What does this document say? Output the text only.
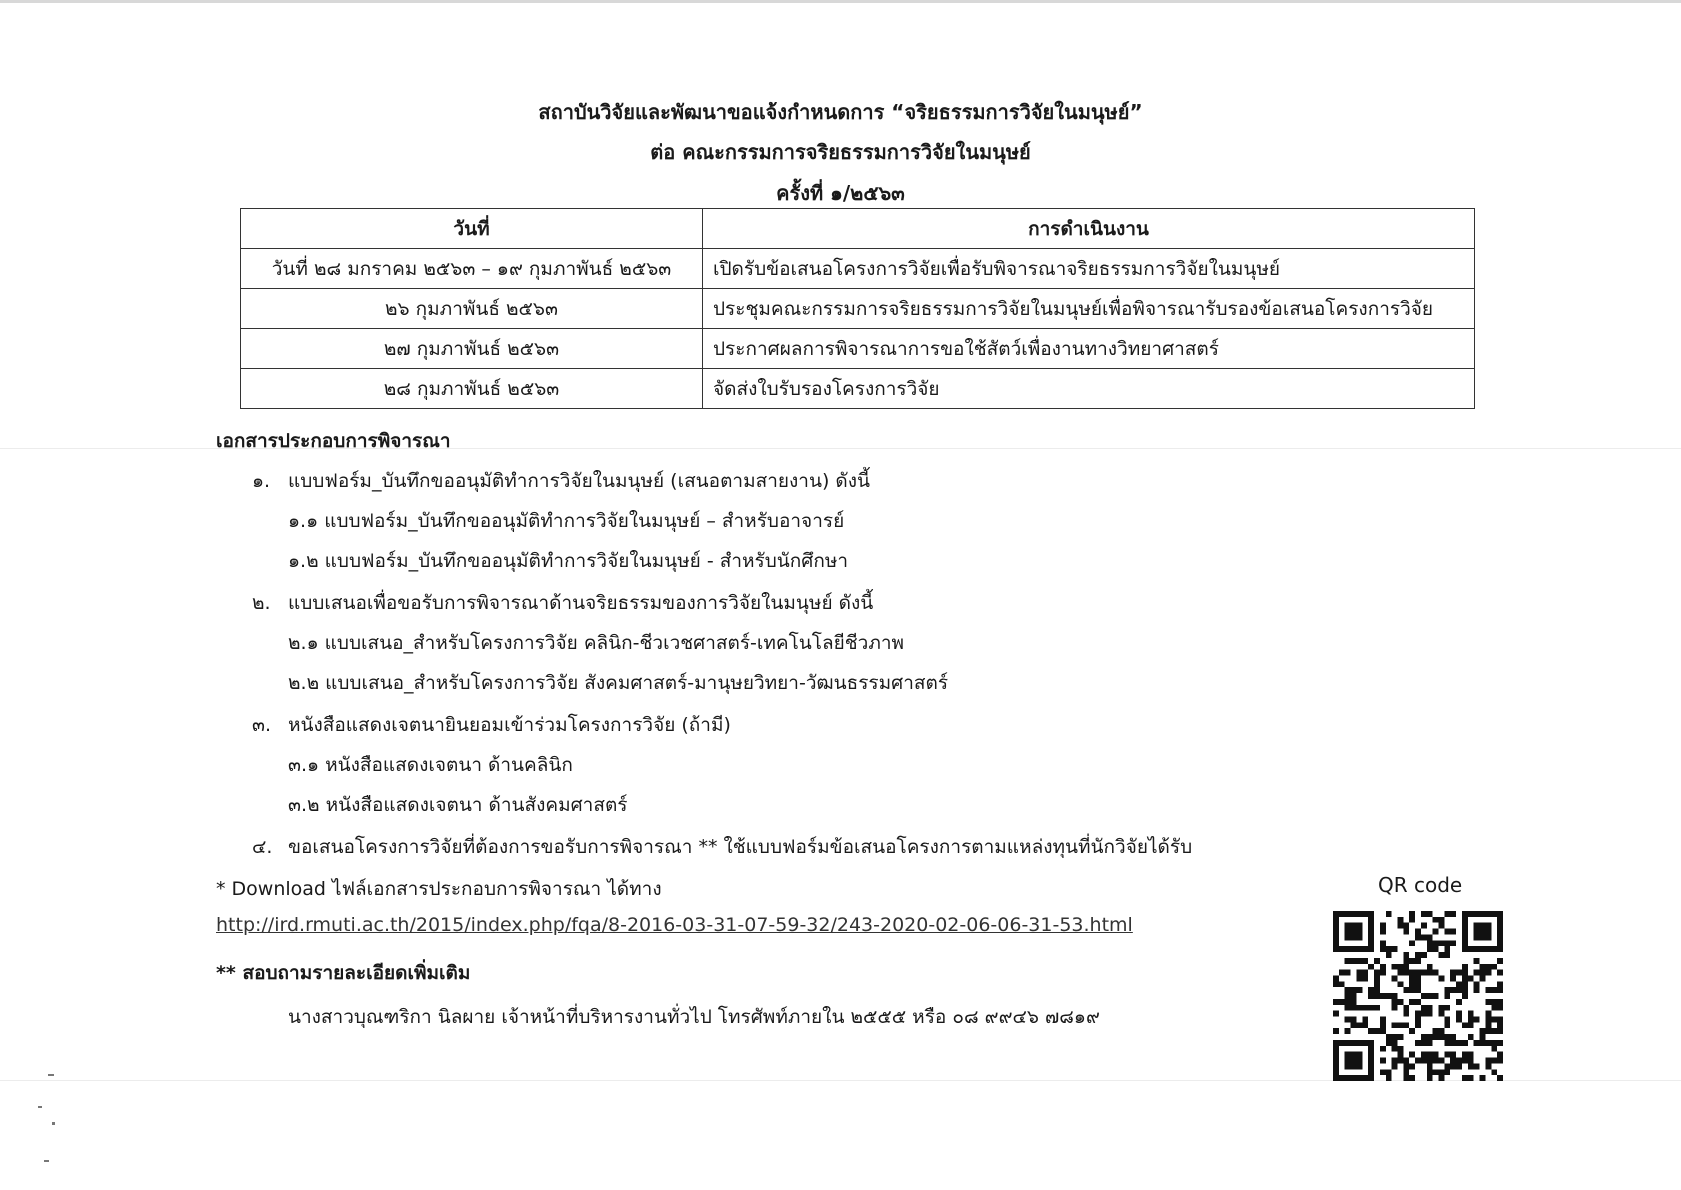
สถาบันวิจัยและพัฒนาขอแจ้งกำหนดการ “จริยธรรมการวิจัยในมนุษย์”
ต่อ คณะกรรมการจริยธรรมการวิจัยในมนุษย์
ครั้งที่ ๑/๒๕๖๓
วันที่	การดำเนินงาน
วันที่ ๒๘ มกราคม ๒๕๖๓ – ๑๙ กุมภาพันธ์ ๒๕๖๓	เปิดรับข้อเสนอโครงการวิจัยเพื่อรับพิจารณาจริยธรรมการวิจัยในมนุษย์
๒๖ กุมภาพันธ์ ๒๕๖๓	ประชุมคณะกรรมการจริยธรรมการวิจัยในมนุษย์เพื่อพิจารณารับรองข้อเสนอโครงการวิจัย
๒๗ กุมภาพันธ์ ๒๕๖๓	ประกาศผลการพิจารณาการขอใช้สัตว์เพื่องานทางวิทยาศาสตร์
๒๘ กุมภาพันธ์ ๒๕๖๓	จัดส่งใบรับรองโครงการวิจัย
เอกสารประกอบการพิจารณา
๑. แบบฟอร์ม_บันทึกขออนุมัติทำการวิจัยในมนุษย์ (เสนอตามสายงาน) ดังนี้
๑.๑ แบบฟอร์ม_บันทึกขออนุมัติทำการวิจัยในมนุษย์ – สำหรับอาจารย์
๑.๒ แบบฟอร์ม_บันทึกขออนุมัติทำการวิจัยในมนุษย์ - สำหรับนักศึกษา
๒. แบบเสนอเพื่อขอรับการพิจารณาด้านจริยธรรมของการวิจัยในมนุษย์ ดังนี้
๒.๑ แบบเสนอ_สำหรับโครงการวิจัย คลินิก-ชีวเวชศาสตร์-เทคโนโลยีชีวภาพ
๒.๒ แบบเสนอ_สำหรับโครงการวิจัย สังคมศาสตร์-มานุษยวิทยา-วัฒนธรรมศาสตร์
๓. หนังสือแสดงเจตนายินยอมเข้าร่วมโครงการวิจัย (ถ้ามี)
๓.๑ หนังสือแสดงเจตนา ด้านคลินิก
๓.๒ หนังสือแสดงเจตนา ด้านสังคมศาสตร์
๔. ขอเสนอโครงการวิจัยที่ต้องการขอรับการพิจารณา ** ใช้แบบฟอร์มข้อเสนอโครงการตามแหล่งทุนที่นักวิจัยได้รับ
* Download ไฟล์เอกสารประกอบการพิจารณา ได้ทาง
http://ird.rmuti.ac.th/2015/index.php/fqa/8-2016-03-31-07-59-32/243-2020-02-06-06-31-53.html
** สอบถามรายละเอียดเพิ่มเติม
นางสาวบุณฑริกา นิลผาย เจ้าหน้าที่บริหารงานทั่วไป โทรศัพท์ภายใน ๒๕๕๕ หรือ ๐๘ ๙๙๔๖ ๗๘๑๙
QR code
